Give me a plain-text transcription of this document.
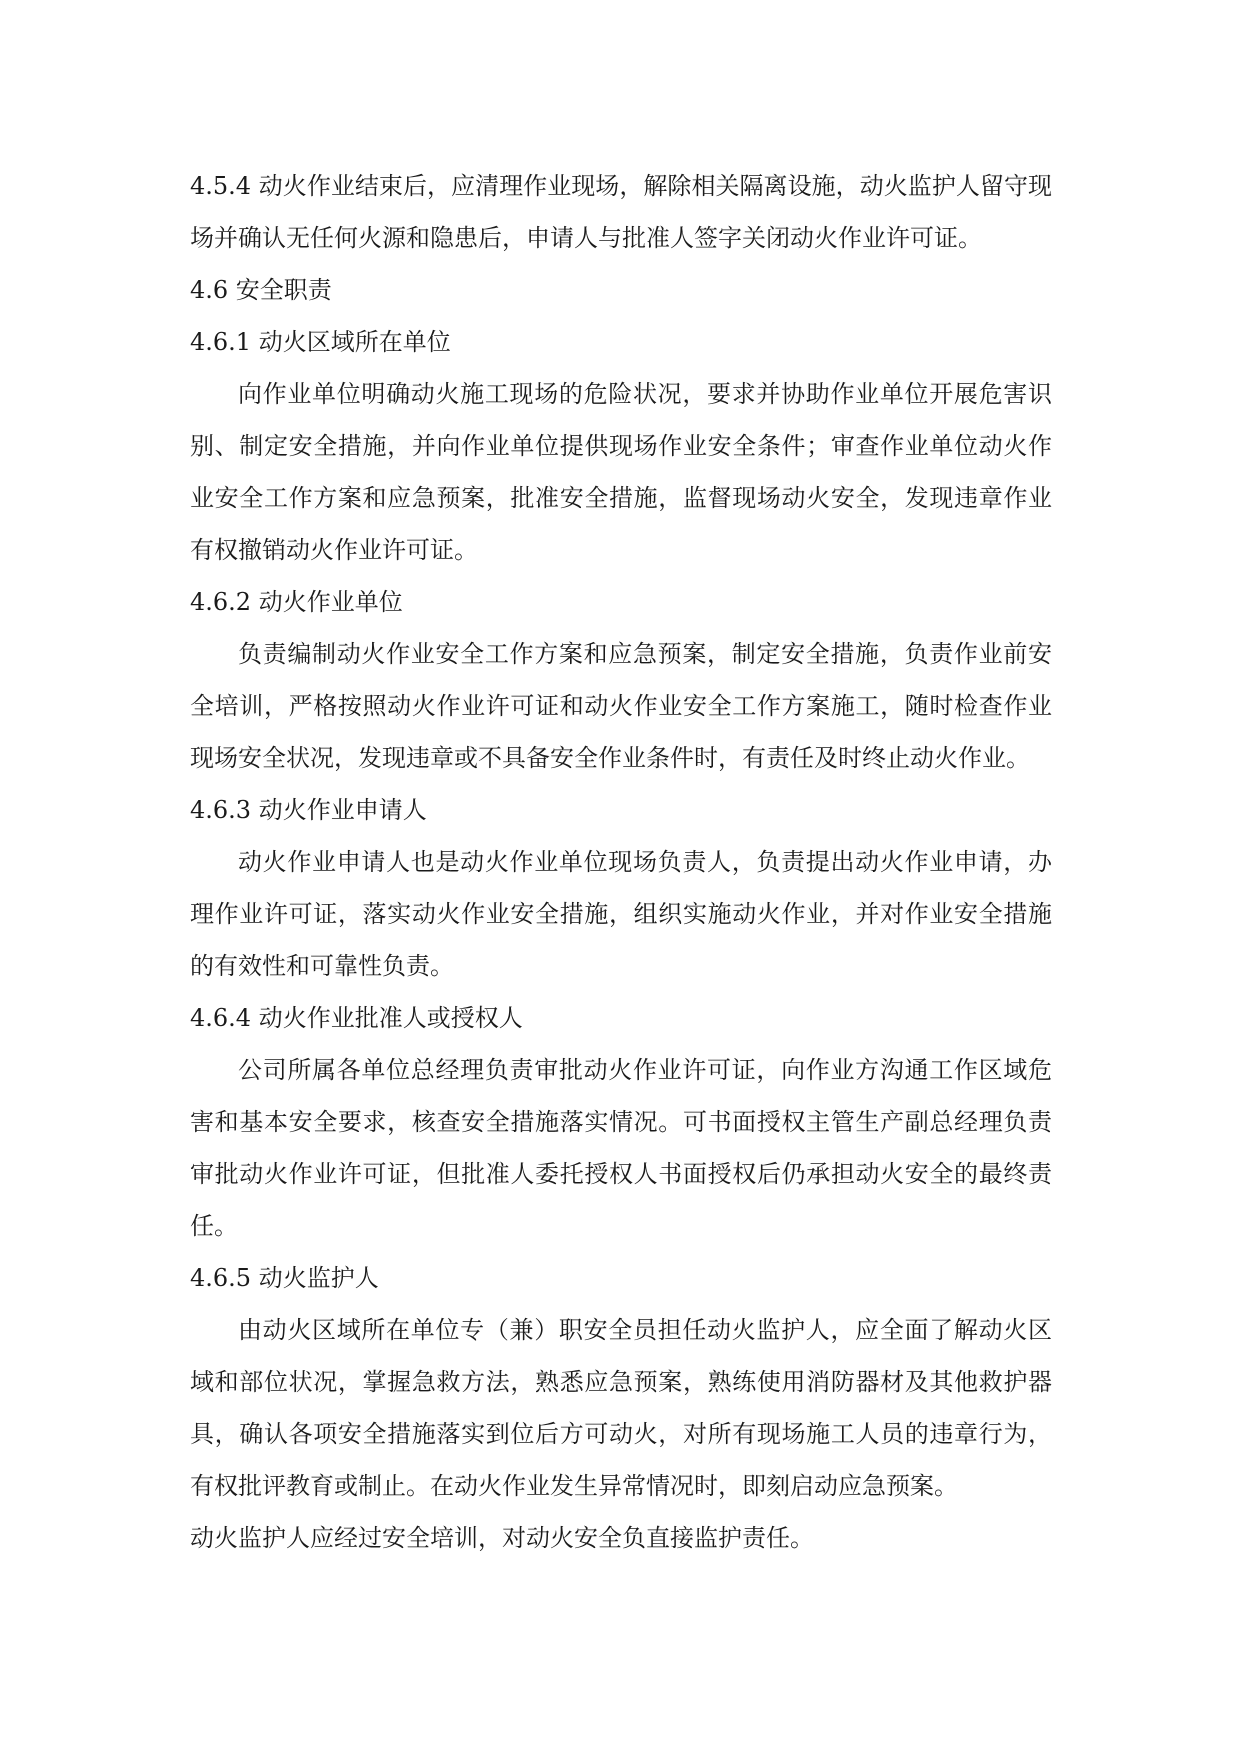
4.5.4 动火作业结束后，应清理作业现场，解除相关隔离设施，动火监护人留守现场并确认无任何火源和隐患后，申请人与批准人签字关闭动火作业许可证。

4.6 安全职责

4.6.1 动火区域所在单位

向作业单位明确动火施工现场的危险状况，要求并协助作业单位开展危害识别、制定安全措施，并向作业单位提供现场作业安全条件；审查作业单位动火作业安全工作方案和应急预案，批准安全措施，监督现场动火安全，发现违章作业有权撤销动火作业许可证。

4.6.2 动火作业单位

负责编制动火作业安全工作方案和应急预案，制定安全措施，负责作业前安全培训，严格按照动火作业许可证和动火作业安全工作方案施工，随时检查作业现场安全状况，发现违章或不具备安全作业条件时，有责任及时终止动火作业。

4.6.3 动火作业申请人

动火作业申请人也是动火作业单位现场负责人，负责提出动火作业申请，办理作业许可证，落实动火作业安全措施，组织实施动火作业，并对作业安全措施的有效性和可靠性负责。

4.6.4 动火作业批准人或授权人

公司所属各单位总经理负责审批动火作业许可证，向作业方沟通工作区域危害和基本安全要求，核查安全措施落实情况。可书面授权主管生产副总经理负责审批动火作业许可证，但批准人委托授权人书面授权后仍承担动火安全的最终责任。

4.6.5 动火监护人

由动火区域所在单位专（兼）职安全员担任动火监护人，应全面了解动火区域和部位状况，掌握急救方法，熟悉应急预案，熟练使用消防器材及其他救护器具，确认各项安全措施落实到位后方可动火，对所有现场施工人员的违章行为，有权批评教育或制止。在动火作业发生异常情况时，即刻启动应急预案。

动火监护人应经过安全培训，对动火安全负直接监护责任。
